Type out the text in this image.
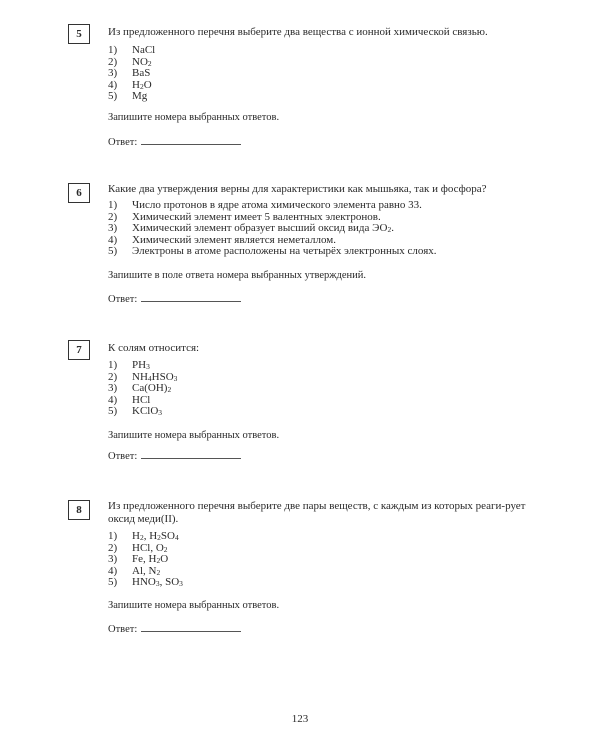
5	Из предложенного перечня выберите два вещества с ионной химической связью.
1)	NaCl
2)	$NO_2$
3)	BaS
4)	$H_2O$
5)	Mg
Запишите номера выбранных ответов.
Ответ:
6	Какие два утверждения верны для характеристики как мышьяка, так и фосфора?
1)	Число протонов в ядре атома химического элемента равно 33.
2)	Химический элемент имеет 5 валентных электронов.
3)	Химический элемент образует высший оксид вида $ЭО_2$.
4)	Химический элемент является неметаллом.
5)	Электроны в атоме расположены на четырёх электронных слоях.
Запишите в поле ответа номера выбранных утверждений.
Ответ:
7	К солям относится:
1)	$PH_3$
2)	$NH_4HSO_3$
3)	$Ca(OH)_2$
4)	HCl
5)	KClO$_3$
Запишите номера выбранных ответов.
Ответ:
8	Из предложенного перечня выберите две пары веществ, с каждым из которых реаги-рует оксид меди(II).
1)	$H_2$, $H_2SO_4$
2)	HCl, $O_2$
3)	Fe, $H_2O$
4)	Al, $N_2$
5)	$HNO_3$, $SO_3$
Запишите номера выбранных ответов.
Ответ:
123
